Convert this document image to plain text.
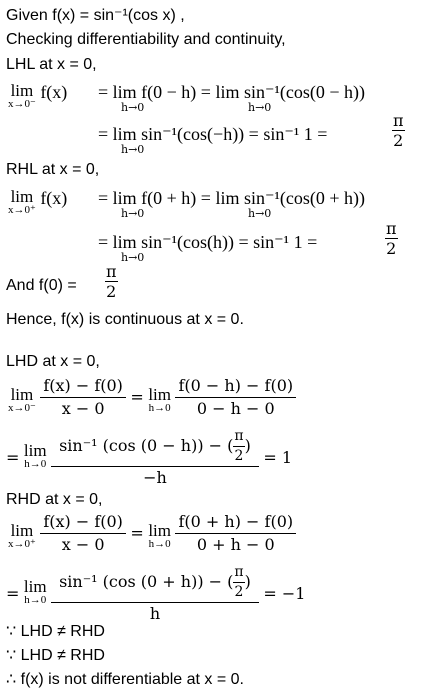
Given f(x) = sin⁻¹(cos x) ,
Checking differentiability and continuity,
LHL at x = 0,
lim
x→0⁻
f(x) = lim f(0 − h) = lim sin⁻¹(cos(0 − h))
h→0	h→0
= lim sin⁻¹(cos(−h)) = sin⁻¹ 1 =
h→0
$\frac{\pi}{2}$
RHL at x = 0,
lim
x→0⁺
f(x) = lim f(0 + h) = lim sin⁻¹(cos(0 + h))
h→0	h→0
= lim sin⁻¹(cos(h)) = sin⁻¹ 1 =
h→0
$\frac{\pi}{2}$
And $f(0) = \frac{\pi}{2}$
Hence, f(x) is continuous at x = 0.
LHD at x = 0,
lim
x→0⁻
$\frac{f(x) - f(0)}{x - 0} = \lim$
h→0
$\frac{f(0 - h) - f(0)}{0 - h - 0}$
= lim
h→0
$\frac{\sin^{-1} (\cos (0 - h)) - ( \frac{\pi}{2} )}{-h} = 1$
RHD at x = 0,
lim
x→0⁺
$\frac{f(x) - f(0)}{x - 0} = \lim$
h→0
$\frac{f(0 + h) - f(0)}{0 + h - 0}$
= lim
h→0
$\frac{\sin^{-1} (\cos (0 + h)) - ( \frac{\pi}{2} )}{h} = -1$
∵ LHD ≠ RHD
∵ LHD ≠ RHD
∴ f(x) is not differentiable at x = 0.
